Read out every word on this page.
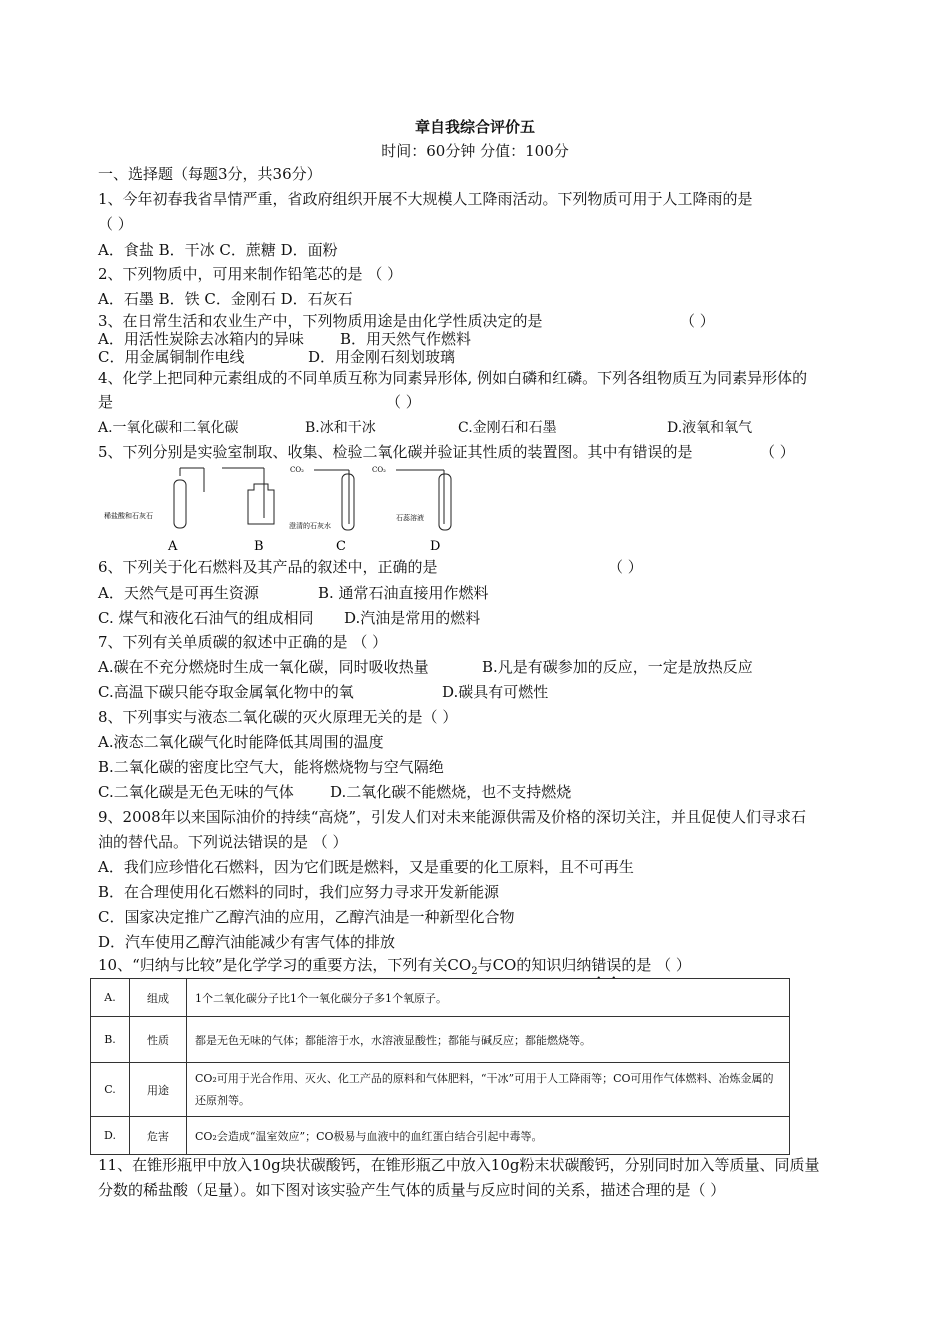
章自我综合评价五
时间：60分钟 分值：100分
一、选择题（每题3分，共36分）
1、今年初春我省旱情严重，省政府组织开展不大规模人工降雨活动。下列物质可用于人工降雨的是
（ ）
A．食盐 B．干冰 C．蔗糖 D．面粉
2、下列物质中，可用来制作铅笔芯的是 （ ）
A．石墨 B．铁 C．金刚石 D．石灰石
3、在日常生活和农业生产中，下列物质用途是由化学性质决定的是	（ ）
A．用活性炭除去冰箱内的异味 B．用天然气作燃料
C．用金属铜制作电线	D．用金刚石刻划玻璃
4、化学上把同种元素组成的不同单质互称为同素异形体, 例如白磷和红磷。下列各组物质互为同素异形体的
是	（ ）
A.一氧化碳和二氧化碳	B.冰和干冰	C.金刚石和石墨	D.液氧和氧气
5、下列分别是实验室制取、收集、检验二氧化碳并验证其性质的装置图。其中有错误的是	（ ）
稀盐酸和石灰石
CO₂
澄清的石灰水
CO₂
石蕊溶液
A	B	C	D
6、下列关于化石燃料及其产品的叙述中，正确的是	（ ）
A．天然气是可再生资源	B. 通常石油直接用作燃料
C. 煤气和液化石油气的组成相同 D.汽油是常用的燃料
7、下列有关单质碳的叙述中正确的是 （ ）
A.碳在不充分燃烧时生成一氧化碳，同时吸收热量	B.凡是有碳参加的反应，一定是放热反应
C.高温下碳只能夺取金属氧化物中的氧	D.碳具有可燃性
8、下列事实与液态二氧化碳的灭火原理无关的是（ ）
A.液态二氧化碳气化时能降低其周围的温度
B.二氧化碳的密度比空气大，能将燃烧物与空气隔绝
C.二氧化碳是无色无味的气体 D.二氧化碳不能燃烧，也不支持燃烧
9、2008年以来国际油价的持续“高烧”，引发人们对未来能源供需及价格的深切关注，并且促使人们寻求石
油的替代品。下列说法错误的是 （ ）
A．我们应珍惜化石燃料，因为它们既是燃料，又是重要的化工原料，且不可再生
B．在合理使用化石燃料的同时，我们应努力寻求开发新能源
C．国家决定推广乙醇汽油的应用，乙醇汽油是一种新型化合物
D．汽车使用乙醇汽油能减少有害气体的排放
10、“归纳与比较”是化学学习的重要方法，下列有关$CO_2$与CO的知识归纳错误的是 （ ）
A.	组成	1个二氧化碳分子比1个一氧化碳分子多1个氧原子。
B.	性质	都是无色无味的气体；都能溶于水，水溶液显酸性；都能与碱反应；都能燃烧等。
C.	用途	CO₂可用于光合作用、灭火、化工产品的原料和气体肥料，“干冰”可用于人工降雨等；CO可用作气体燃料、冶炼金属的还原剂等。
D.	危害	CO₂会造成“温室效应”；CO极易与血液中的血红蛋白结合引起中毒等。
11、在锥形瓶甲中放入10g块状碳酸钙，在锥形瓶乙中放入10g粉末状碳酸钙，分别同时加入等质量、同质量
分数的稀盐酸（足量）。如下图对该实验产生气体的质量与反应时间的关系，描述合理的是（ ）
